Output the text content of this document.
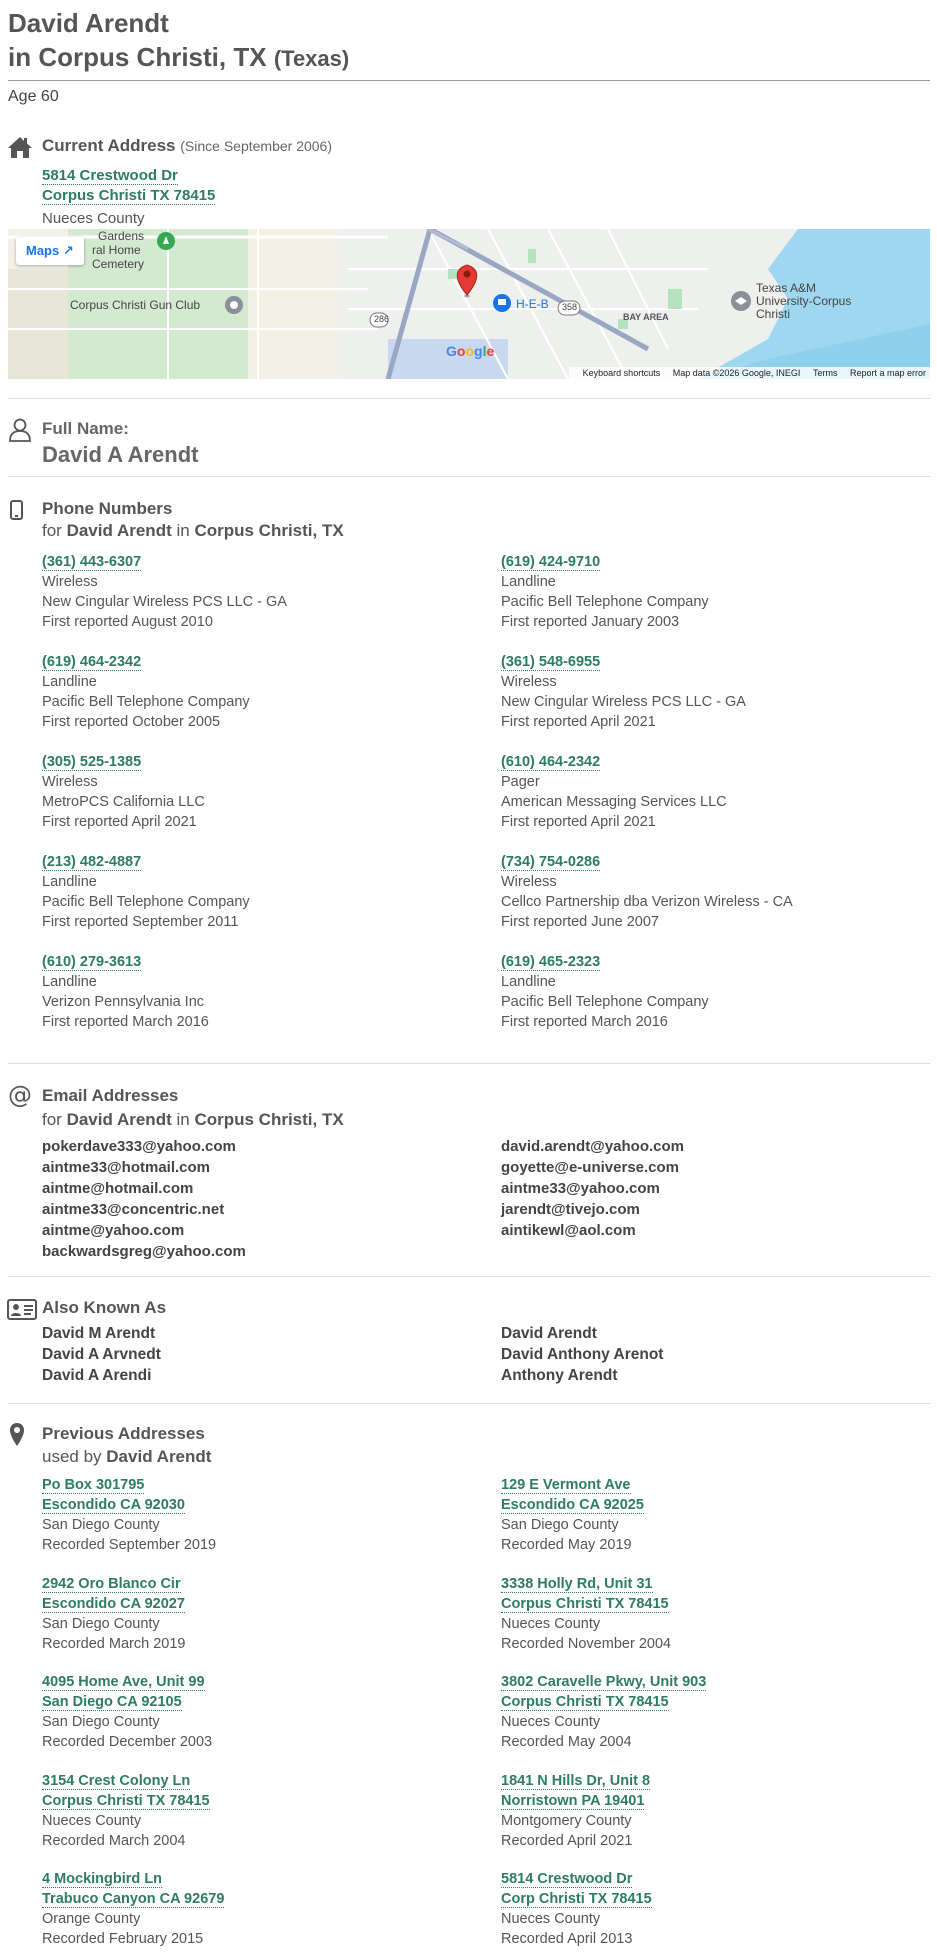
David Arendt
in Corpus Christi, TX (Texas)
Age 60
Current Address (Since September 2006)
5814 Crestwood Dr
Corpus Christi TX 78415
Nueces County
Maps ↗
Gardens
ral Home
Cemetery
Corpus Christi Gun Club	H-E-B
BAY AREA
Texas A&M
University-Corpus
Christi
286
358
Google
Keyboard shortcuts Map data ©2026 Google, INEGI Terms Report a map error
Full Name:
David A Arendt
Phone Numbers
for David Arendt in Corpus Christi, TX
(361) 443-6307
Wireless
New Cingular Wireless PCS LLC - GA
First reported August 2010
(619) 424-9710
Landline
Pacific Bell Telephone Company
First reported January 2003
(619) 464-2342
Landline
Pacific Bell Telephone Company
First reported October 2005
(361) 548-6955
Wireless
New Cingular Wireless PCS LLC - GA
First reported April 2021
(305) 525-1385
Wireless
MetroPCS California LLC
First reported April 2021
(610) 464-2342
Pager
American Messaging Services LLC
First reported April 2021
(213) 482-4887
Landline
Pacific Bell Telephone Company
First reported September 2011
(734) 754-0286
Wireless
Cellco Partnership dba Verizon Wireless - CA
First reported June 2007
(610) 279-3613
Landline
Verizon Pennsylvania Inc
First reported March 2016
(619) 465-2323
Landline
Pacific Bell Telephone Company
First reported March 2016
@ Email Addresses
for David Arendt in Corpus Christi, TX
pokerdave333@yahoo.com
aintme33@hotmail.com
aintme@hotmail.com
aintme33@concentric.net
aintme@yahoo.com
backwardsgreg@yahoo.com
david.arendt@yahoo.com
goyette@e-universe.com
aintme33@yahoo.com
jarendt@tivejo.com
aintikewl@aol.com
Also Known As
David M Arendt
David A Arvnedt
David A Arendi
David Arendt
David Anthony Arenot
Anthony Arendt
Previous Addresses
used by David Arendt
Po Box 301795
Escondido CA 92030
San Diego County
Recorded September 2019
129 E Vermont Ave
Escondido CA 92025
San Diego County
Recorded May 2019
2942 Oro Blanco Cir
Escondido CA 92027
San Diego County
Recorded March 2019
3338 Holly Rd, Unit 31
Corpus Christi TX 78415
Nueces County
Recorded November 2004
4095 Home Ave, Unit 99
San Diego CA 92105
San Diego County
Recorded December 2003
3802 Caravelle Pkwy, Unit 903
Corpus Christi TX 78415
Nueces County
Recorded May 2004
3154 Crest Colony Ln
Corpus Christi TX 78415
Nueces County
Recorded March 2004
1841 N Hills Dr, Unit 8
Norristown PA 19401
Montgomery County
Recorded April 2021
4 Mockingbird Ln
Trabuco Canyon CA 92679
Orange County
Recorded February 2015
5814 Crestwood Dr
Corp Christi TX 78415
Nueces County
Recorded April 2013
